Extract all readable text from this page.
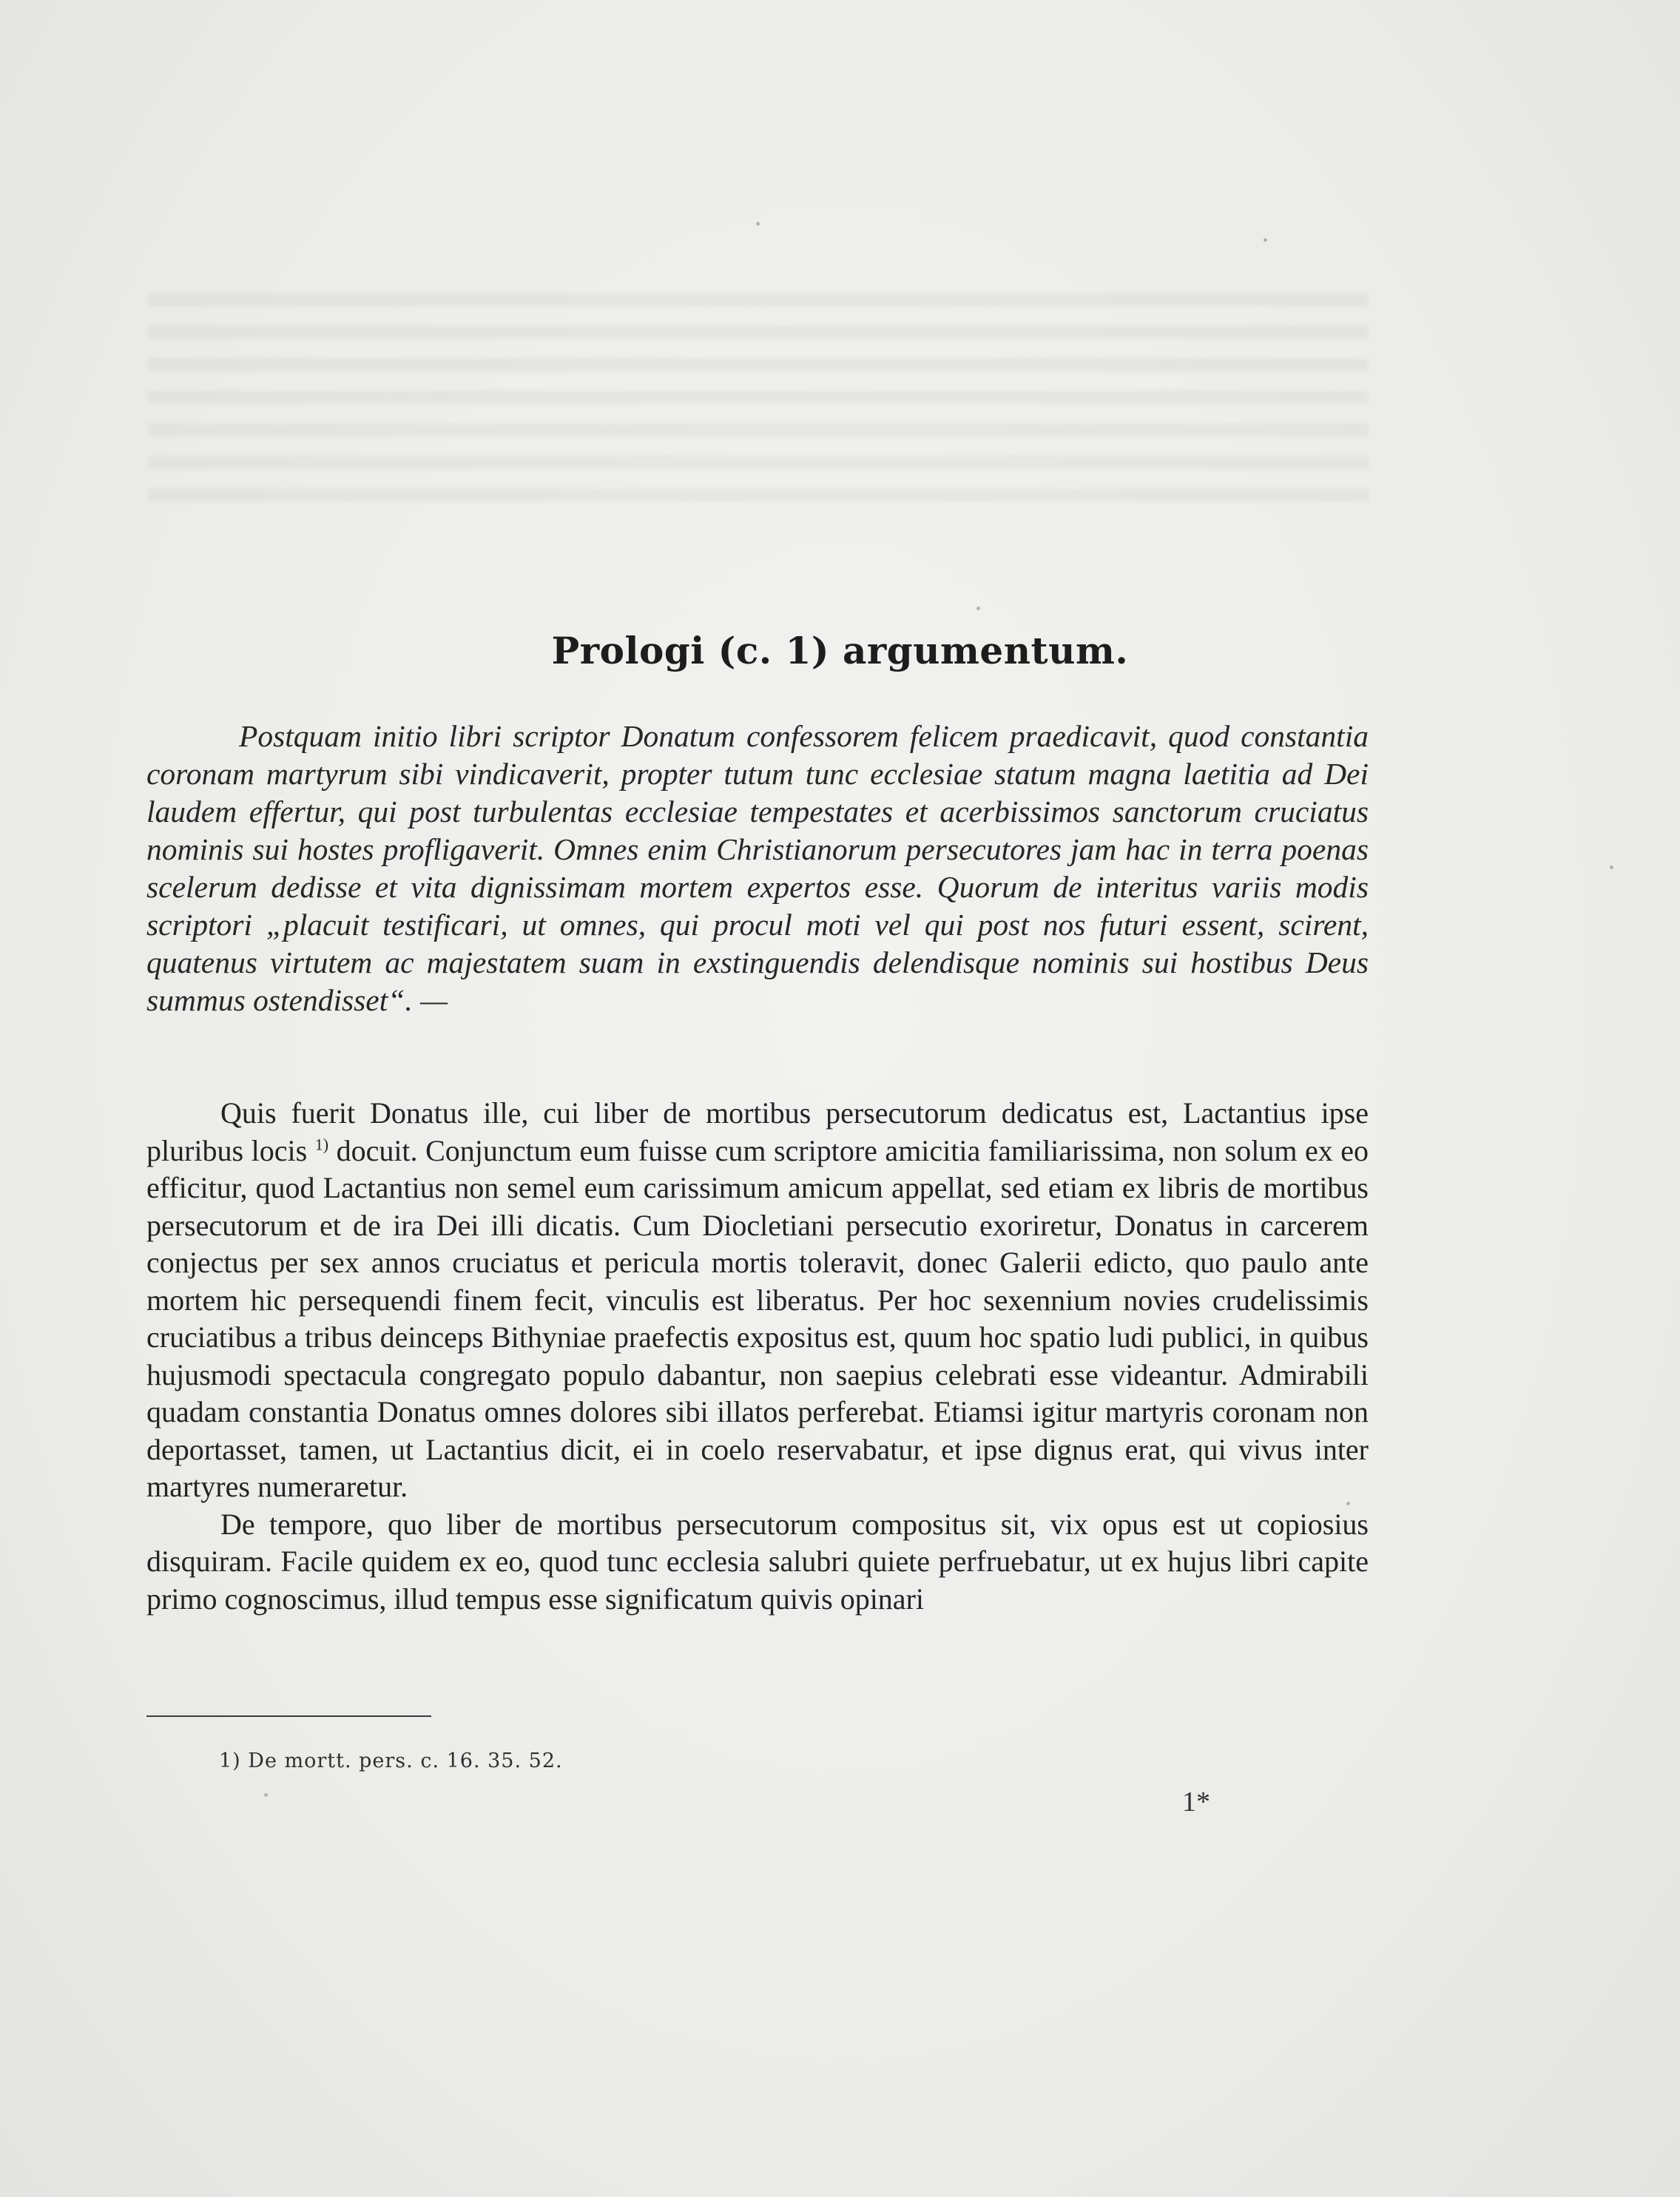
Prologi (c. 1) argumentum.

Postquam initio libri scriptor Donatum confessorem felicem praedicavit, quod constantia coronam martyrum sibi vindicaverit, propter tutum tunc ecclesiae statum magna laetitia ad Dei laudem effertur, qui post turbulentas ecclesiae tempestates et acerbissimos sanctorum cruciatus nominis sui hostes profligaverit. Omnes enim Christianorum persecutores jam hac in terra poenas scelerum dedisse et vita dignissimam mortem expertos esse. Quorum de interitus variis modis scriptori „placuit testificari, ut omnes, qui procul moti vel qui post nos futuri essent, scirent, quatenus virtutem ac majestatem suam in exstinguendis delendisque nominis sui hostibus Deus summus ostendisset“. —

Quis fuerit Donatus ille, cui liber de mortibus persecutorum dedicatus est, Lactantius ipse pluribus locis $^{1)}$ docuit. Conjunctum eum fuisse cum scriptore amicitia familiarissima, non solum ex eo efficitur, quod Lactantius non semel eum carissimum amicum appellat, sed etiam ex libris de mortibus persecutorum et de ira Dei illi dicatis. Cum Diocletiani persecutio exoriretur, Donatus in carcerem conjectus per sex annos cruciatus et pericula mortis toleravit, donec Galerii edicto, quo paulo ante mortem hic persequendi finem fecit, vinculis est liberatus. Per hoc sexennium novies crudelissimis cruciatibus a tribus deinceps Bithyniae praefectis expositus est, quum hoc spatio ludi publici, in quibus hujusmodi spectacula congregato populo dabantur, non saepius celebrati esse videantur. Admirabili quadam constantia Donatus omnes dolores sibi illatos perferebat. Etiamsi igitur martyris coronam non deportasset, tamen, ut Lactantius dicit, ei in coelo reservabatur, et ipse dignus erat, qui vivus inter martyres numeraretur.

De tempore, quo liber de mortibus persecutorum compositus sit, vix opus est ut copiosius disquiram. Facile quidem ex eo, quod tunc ecclesia salubri quiete perfruebatur, ut ex hujus libri capite primo cognoscimus, illud tempus esse significatum quivis opinari

1) De mortt. pers. c. 16. 35. 52.

1*
